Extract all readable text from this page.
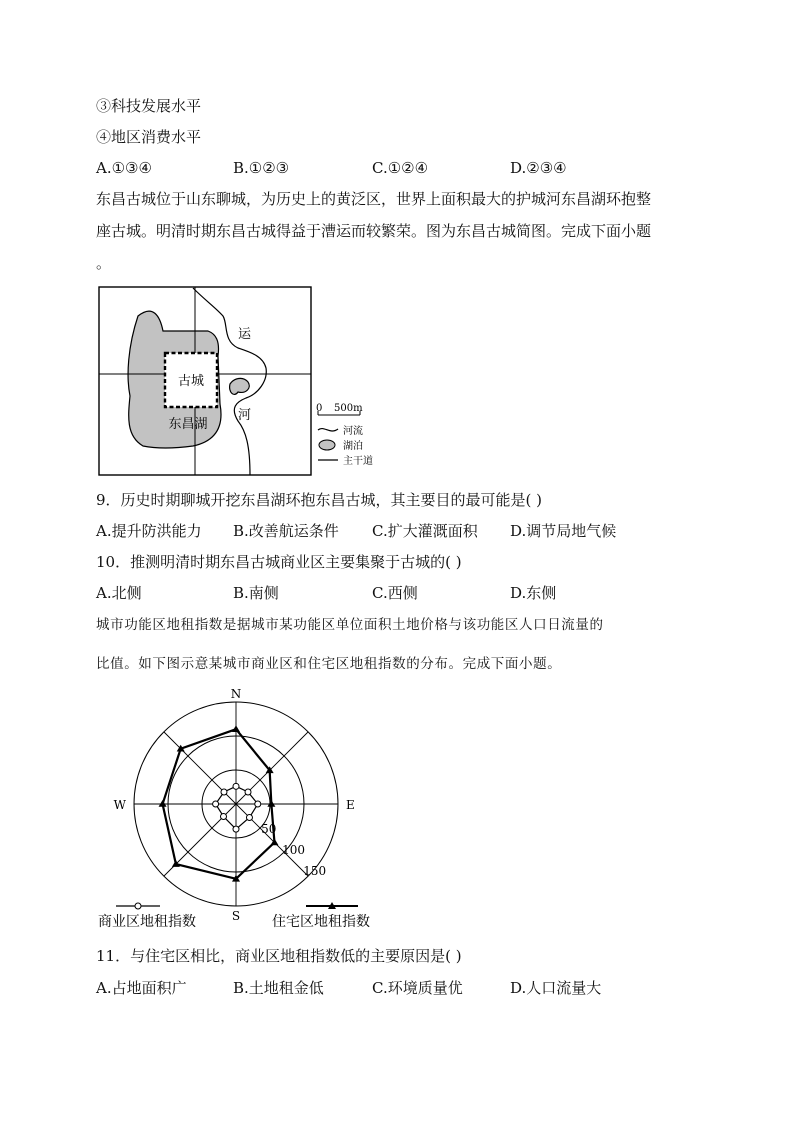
③科技发展水平
④地区消费水平
A.①③④	B.①②③	C.①②④	D.②③④
东昌古城位于山东聊城，为历史上的黄泛区，世界上面积最大的护城河东昌湖环抱整
座古城。明清时期东昌古城得益于漕运而较繁荣。图为东昌古城简图。完成下面小题
。
古城
东昌湖
运
河	0 500m
河流
湖泊
主干道
9．历史时期聊城开挖东昌湖环抱东昌古城，其主要目的最可能是( )
A.提升防洪能力 B.改善航运条件 C.扩大灌溉面积 D.调节局地气候
10．推测明清时期东昌古城商业区主要集聚于古城的( )
A.北侧	B.南侧	C.西侧	D.东侧
城市功能区地租指数是据城市某功能区单位面积土地价格与该功能区人口日流量的
比值。如下图示意某城市商业区和住宅区地租指数的分布。完成下面小题。
N
E
S
W
50
100
150
商业区地租指数	住宅区地租指数
11．与住宅区相比，商业区地租指数低的主要原因是( )
A.占地面积广	B.土地租金低	C.环境质量优	D.人口流量大
